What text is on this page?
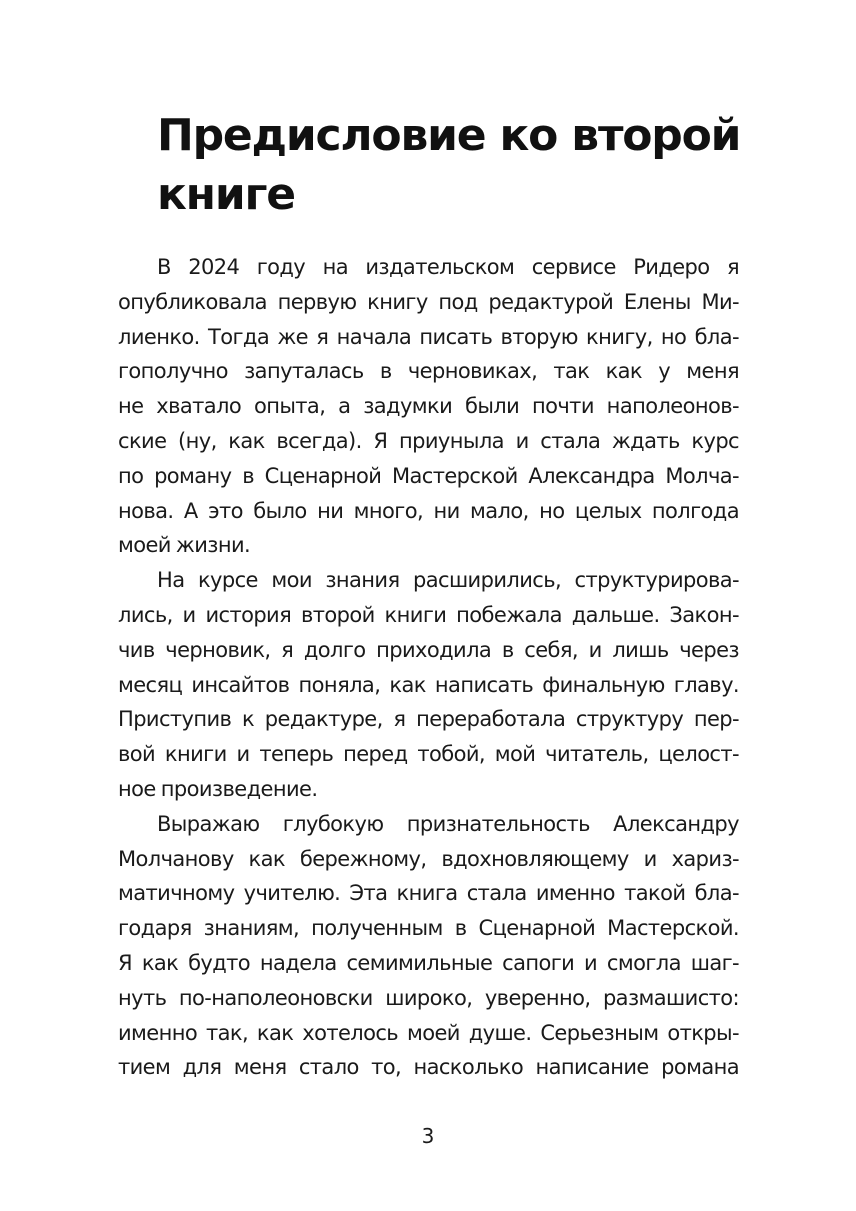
Предисловие ко второй
книге

В 2024 году на издательском сервисе Ридеро я
опубликовала первую книгу под редактурой Елены Ми-
лиенко. Тогда же я начала писать вторую книгу, но бла-
гополучно запуталась в черновиках, так как у меня
не хватало опыта, а задумки были почти наполеонов-
ские (ну, как всегда). Я приуныла и стала ждать курс
по роману в Сценарной Мастерской Александра Молча-
нова. А это было ни много, ни мало, но целых полгода
моей жизни.

На курсе мои знания расширились, структурирова-
лись, и история второй книги побежала дальше. Закон-
чив черновик, я долго приходила в себя, и лишь через
месяц инсайтов поняла, как написать финальную главу.
Приступив к редактуре, я переработала структуру пер-
вой книги и теперь перед тобой, мой читатель, целост-
ное произведение.

Выражаю глубокую признательность Александру
Молчанову как бережному, вдохновляющему и хариз-
матичному учителю. Эта книга стала именно такой бла-
годаря знаниям, полученным в Сценарной Мастерской.
Я как будто надела семимильные сапоги и смогла шаг-
нуть по-наполеоновски широко, уверенно, размашисто:
именно так, как хотелось моей душе. Серьезным откры-
тием для меня стало то, насколько написание романа

3
